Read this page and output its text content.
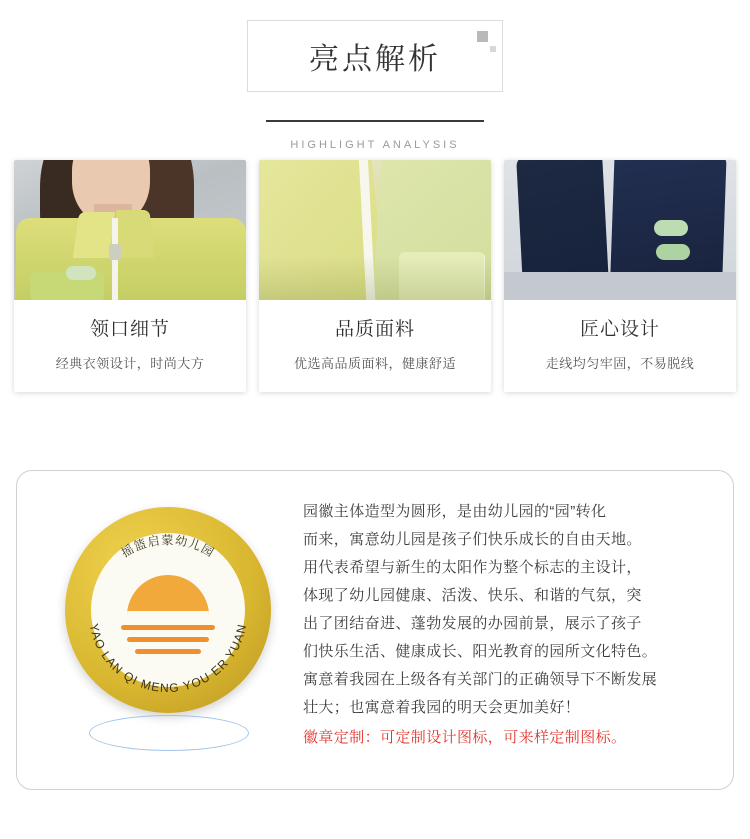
亮点解析
HIGHLIGHT ANALYSIS
领口细节
经典衣领设计，时尚大方
品质面料
优选高品质面料，健康舒适
匠心设计
走线均匀牢固，不易脱线
摇篮启蒙幼儿园
YAO LAN QI MENG YOU ER YUAN

园徽主体造型为圆形，是由幼儿园的“园”转化

而来，寓意幼儿园是孩子们快乐成长的自由天地。

用代表希望与新生的太阳作为整个标志的主设计，

体现了幼儿园健康、活泼、快乐、和谐的气氛，突

出了团结奋进、蓬勃发展的办园前景，展示了孩子

们快乐生活、健康成长、阳光教育的园所文化特色。

寓意着我园在上级各有关部门的正确领导下不断发展

壮大；也寓意着我园的明天会更加美好！

徽章定制：可定制设计图标，可来样定制图标。
